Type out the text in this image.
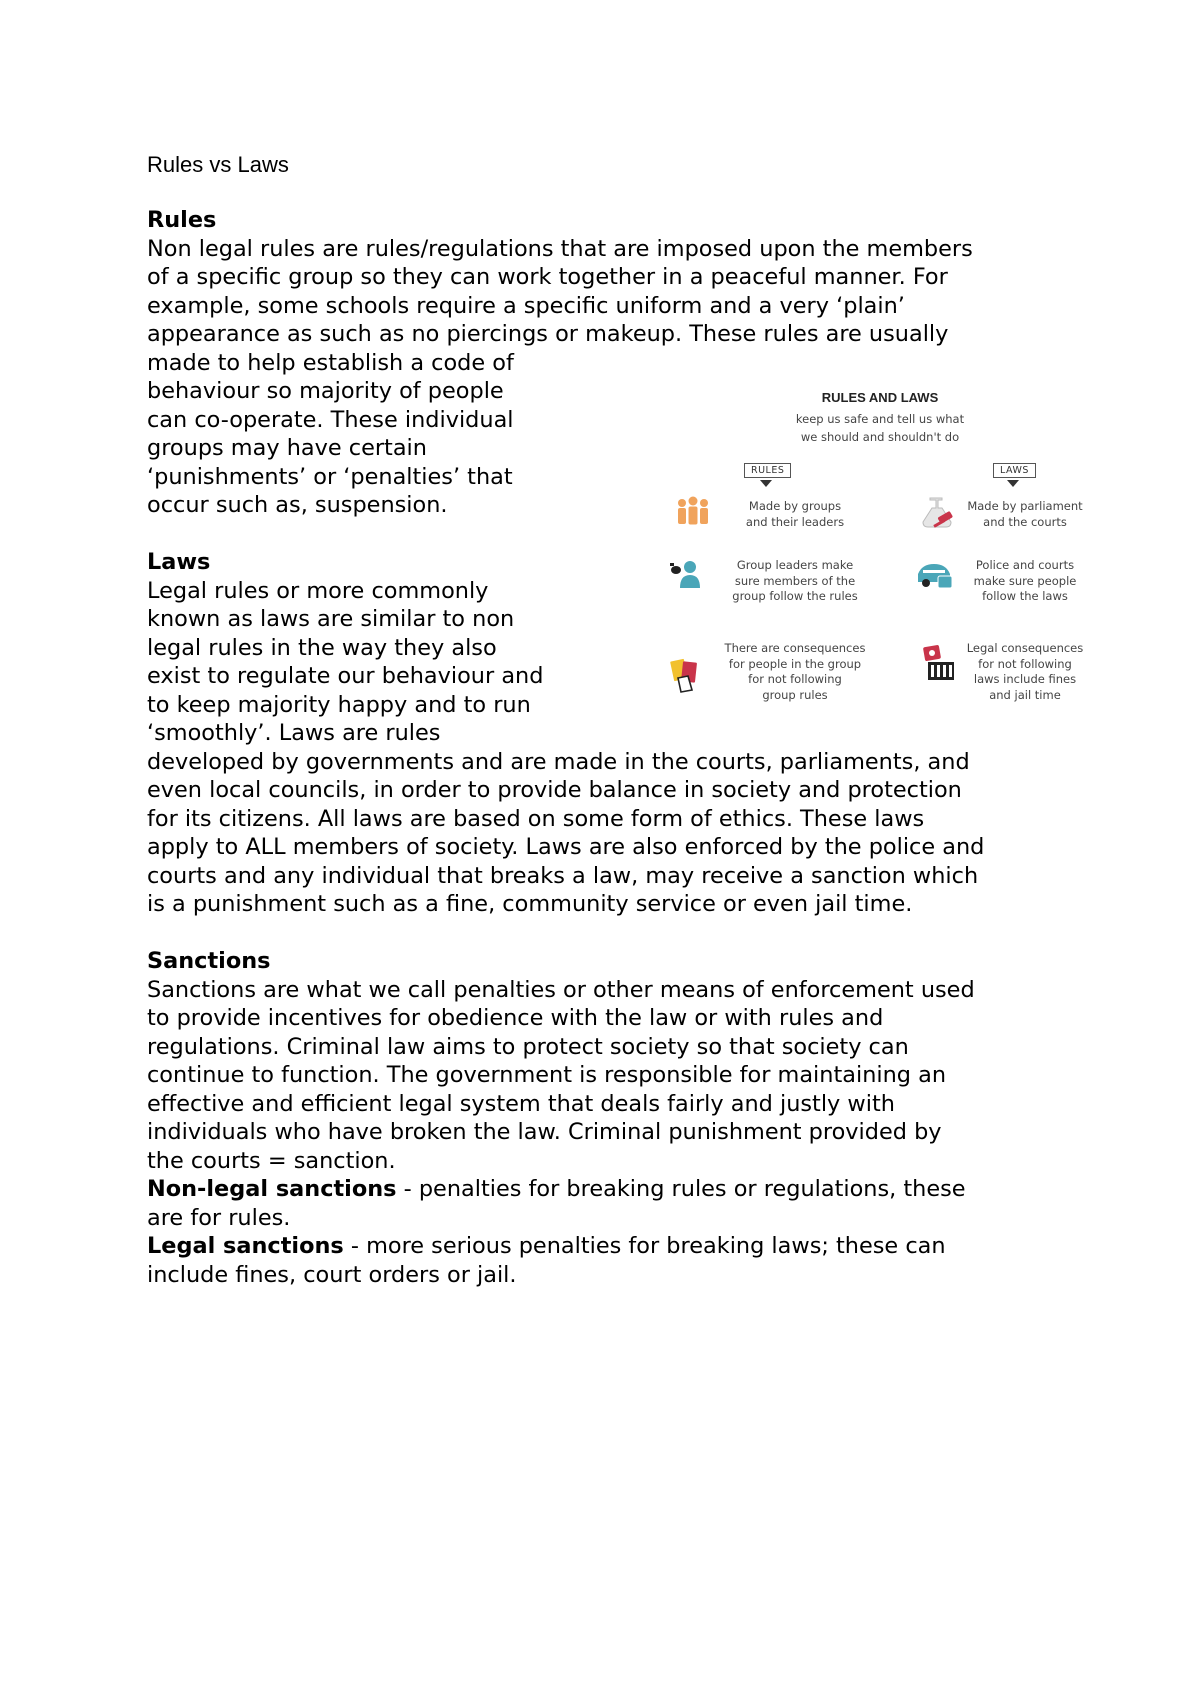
Rules vs Laws

Rules

Non legal rules are rules/regulations that are imposed upon the members
of a specific group so they can work together in a peaceful manner. For
example, some schools require a specific uniform and a very ‘plain’
appearance as such as no piercings or makeup. These rules are usually
made to help establish a code of
behaviour so majority of people
can co-operate. These individual
groups may have certain
‘punishments’ or ‘penalties’ that
occur such as, suspension.

Laws

Legal rules or more commonly
known as laws are similar to non
legal rules in the way they also
exist to regulate our behaviour and
to keep majority happy and to run
‘smoothly’. Laws are rules
developed by governments and are made in the courts, parliaments, and
even local councils, in order to provide balance in society and protection
for its citizens. All laws are based on some form of ethics. These laws
apply to ALL members of society. Laws are also enforced by the police and
courts and any individual that breaks a law, may receive a sanction which
is a punishment such as a fine, community service or even jail time.

Sanctions

Sanctions are what we call penalties or other means of enforcement used
to provide incentives for obedience with the law or with rules and
regulations. Criminal law aims to protect society so that society can
continue to function. The government is responsible for maintaining an
effective and efficient legal system that deals fairly and justly with
individuals who have broken the law. Criminal punishment provided by
the courts = sanction.
Non-legal sanctions - penalties for breaking rules or regulations, these
are for rules.
Legal sanctions - more serious penalties for breaking laws; these can
include fines, court orders or jail.
RULES AND LAWS
keep us safe and tell us what
we should and shouldn't do
RULES	LAWS
Made by groups
and their leaders
Group leaders make
sure members of the
group follow the rules
There are consequences
for people in the group
for not following
group rules
Made by parliament
and the courts
Police and courts
make sure people
follow the laws
Legal consequences
for not following
laws include fines
and jail time
